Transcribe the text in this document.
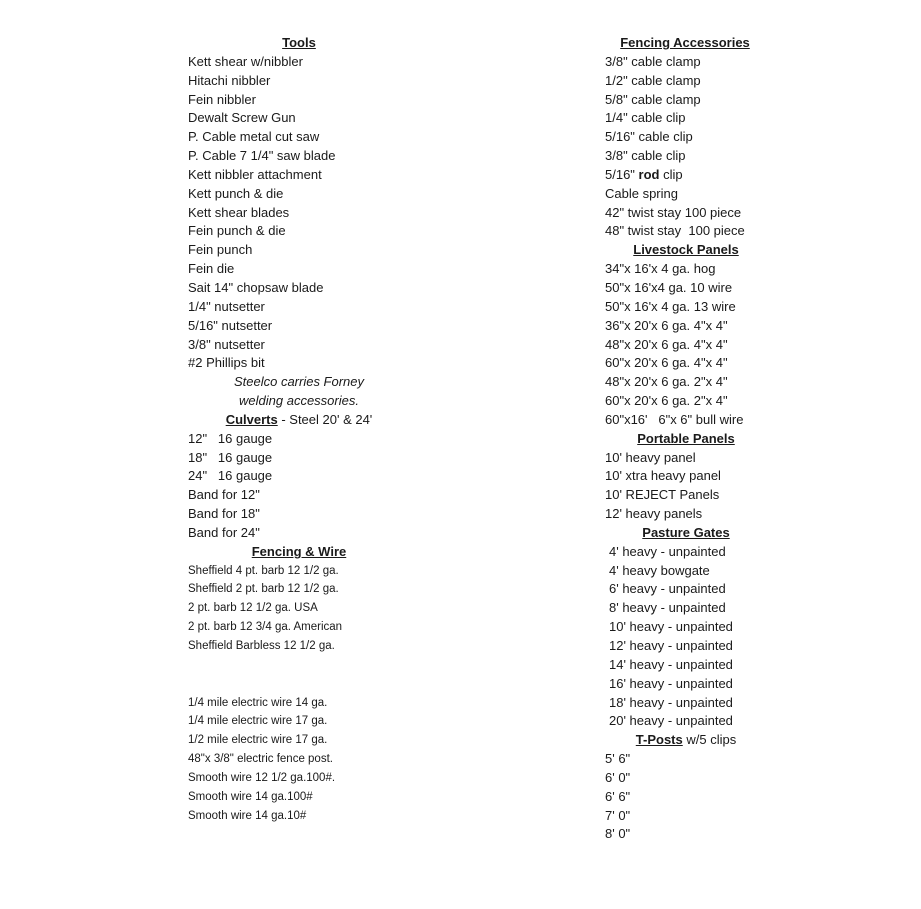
Tools
Kett shear w/nibbler
Hitachi nibbler
Fein nibbler
Dewalt Screw Gun
P. Cable metal cut saw
P. Cable 7 1/4" saw blade
Kett nibbler attachment
Kett punch & die
Kett shear blades
Fein punch & die
Fein punch
Fein die
Sait 14" chopsaw blade
1/4" nutsetter
5/16" nutsetter
3/8" nutsetter
#2 Phillips bit
Steelco carries Forney
welding accessories.
Culverts - Steel 20' & 24'
12"   16 gauge
18"   16 gauge
24"   16 gauge
Band for 12"
Band for 18"
Band for 24"
Fencing & Wire
Sheffield 4 pt. barb 12 1/2 ga.
Sheffield 2 pt. barb 12 1/2 ga.
2 pt. barb 12 1/2 ga. USA
2 pt. barb 12 3/4 ga. American
Sheffield Barbless 12 1/2 ga.
1/4 mile electric wire 14 ga.
1/4 mile electric wire 17 ga.
1/2 mile electric wire 17 ga.
48"x 3/8" electric fence post.
Smooth wire 12 1/2 ga.100#.
Smooth wire 14 ga.100#
Smooth wire 14 ga.10#
Fencing Accessories
3/8" cable clamp
1/2" cable clamp
5/8" cable clamp
1/4" cable clip
5/16" cable clip
3/8" cable clip
5/16" rod clip
Cable spring
42" twist stay 100 piece
48" twist stay  100 piece
Livestock Panels
34"x 16'x 4 ga. hog
50"x 16'x4 ga. 10 wire
50"x 16'x 4 ga. 13 wire
36"x 20'x 6 ga. 4"x 4"
48"x 20'x 6 ga. 4"x 4"
60"x 20'x 6 ga. 4"x 4"
48"x 20'x 6 ga. 2"x 4"
60"x 20'x 6 ga. 2"x 4"
60"x16'   6"x 6" bull wire
Portable Panels
10' heavy panel
10' xtra heavy panel
10' REJECT Panels
12' heavy panels
Pasture Gates
4' heavy - unpainted
4' heavy bowgate
6' heavy - unpainted
8' heavy - unpainted
10' heavy - unpainted
12' heavy - unpainted
14' heavy - unpainted
16' heavy - unpainted
18' heavy - unpainted
20' heavy - unpainted
T-Posts w/5 clips
5' 6"
6' 0"
6' 6"
7' 0"
8' 0"
